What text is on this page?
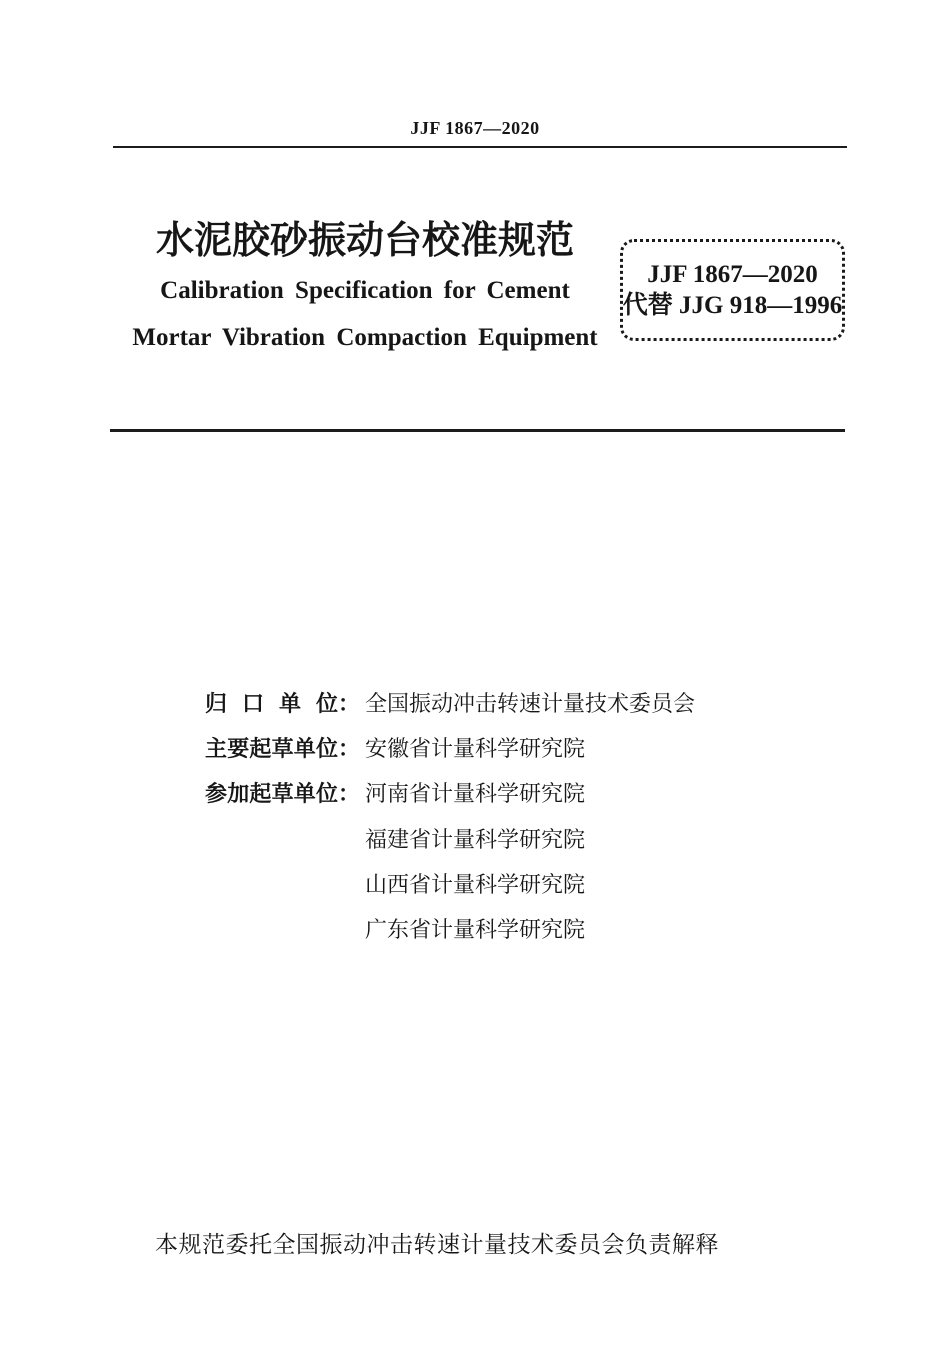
JJF 1867—2020
水泥胶砂振动台校准规范
Calibration Specification for Cement
Mortar Vibration Compaction Equipment
JJF 1867—2020
代替 JJG 918—1996
归 口 单 位： 全国振动冲击转速计量技术委员会
主要起草单位： 安徽省计量科学研究院
参加起草单位： 河南省计量科学研究院
福建省计量科学研究院
山西省计量科学研究院
广东省计量科学研究院
本规范委托全国振动冲击转速计量技术委员会负责解释
